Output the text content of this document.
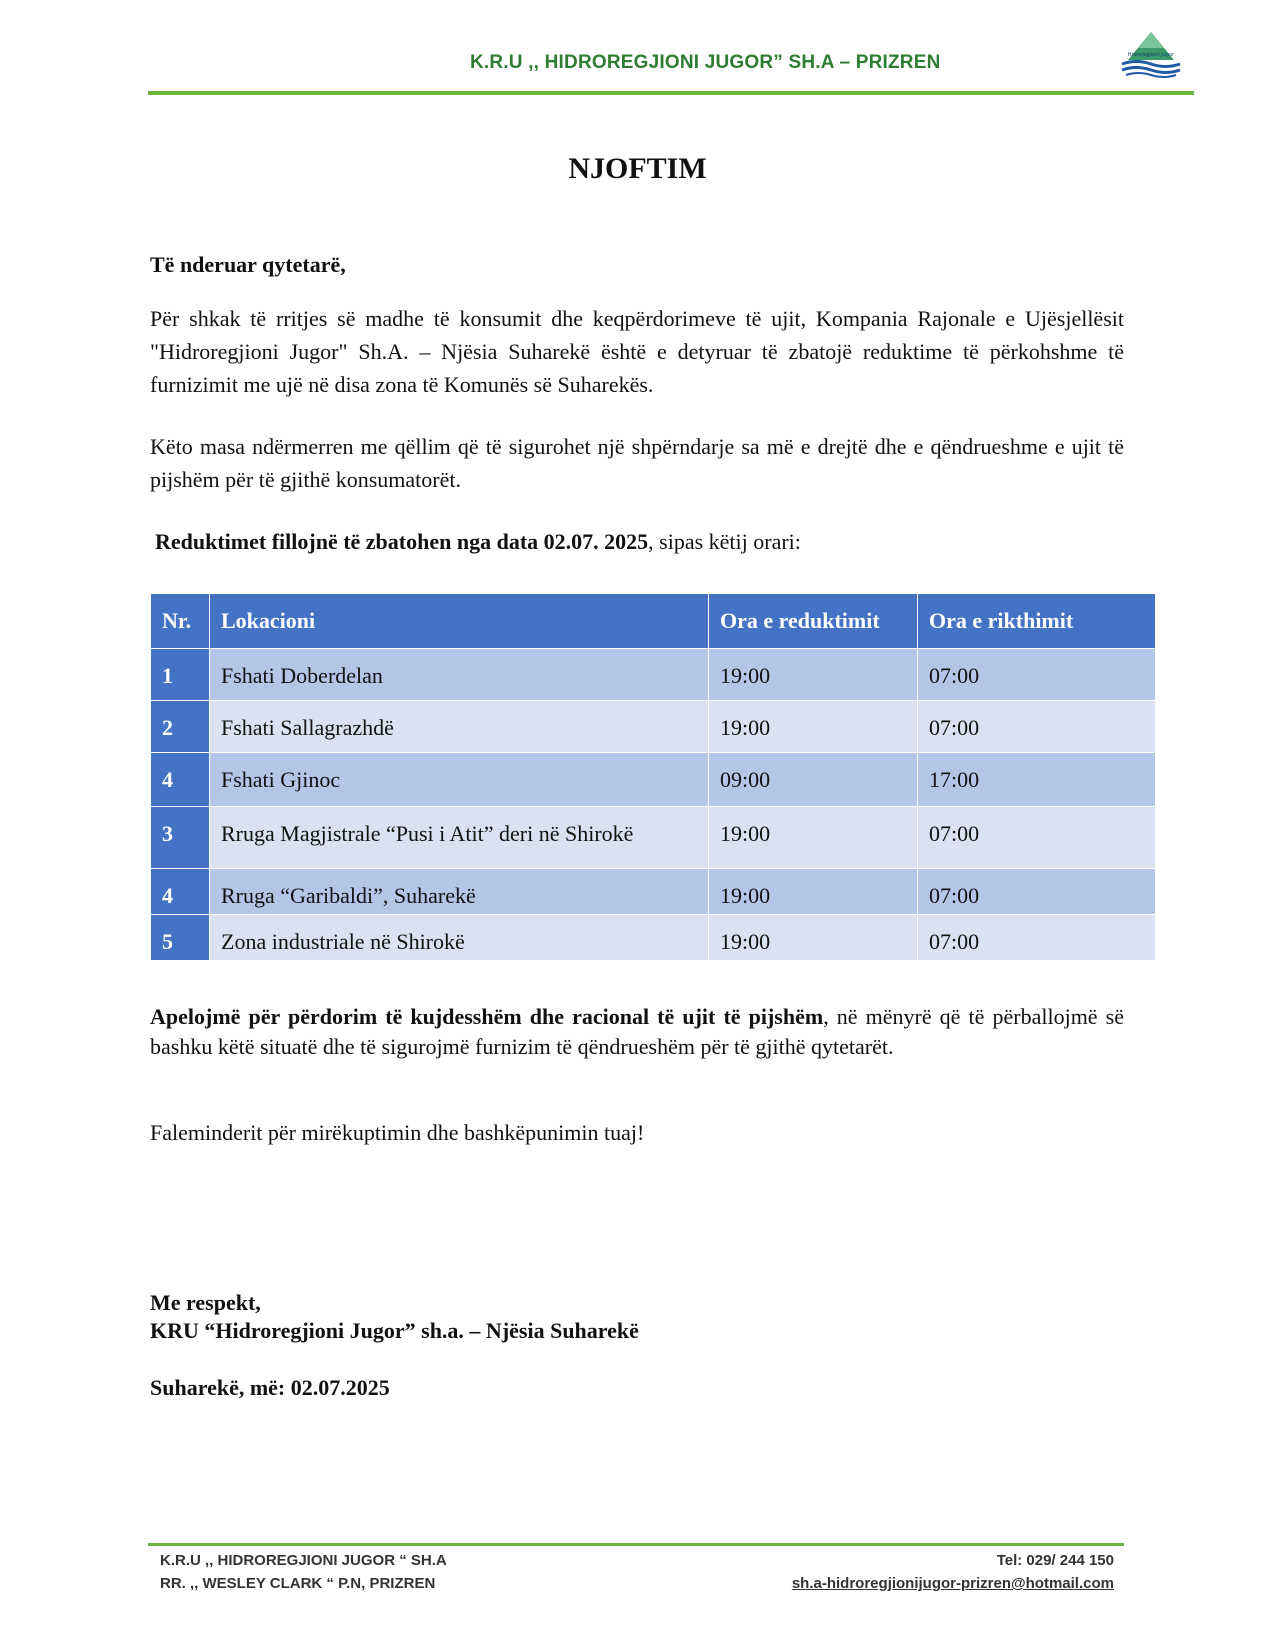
K.R.U ,, HIDROREGJIONI JUGOR” SH.A – PRIZREN	Hidroregjioni Jugor
NJOFTIM

Të nderuar qytetarë,

Për shkak të rritjes së madhe të konsumit dhe keqpërdorimeve të ujit, Kompania Rajonale e Ujësjellësit "Hidroregjioni Jugor" Sh.A. – Njësia Suharekë është e detyruar të zbatojë reduktime të përkohshme të furnizimit me ujë në disa zona të Komunës së Suharekës.

Këto masa ndërmerren me qëllim që të sigurohet një shpërndarje sa më e drejtë dhe e qëndrueshme e ujit të pijshëm për të gjithë konsumatorët.

Reduktimet fillojnë të zbatohen nga data 02.07. 2025, sipas këtij orari:

Nr.	Lokacioni	Ora e reduktimit	Ora e rikthimit
1	Fshati Doberdelan	19:00	07:00
2	Fshati Sallagrazhdë	19:00	07:00
4	Fshati Gjinoc	09:00	17:00
3	Rruga Magjistrale “Pusi i Atit” deri në Shirokë	19:00	07:00
4	Rruga “Garibaldi”, Suharekë	19:00	07:00
5	Zona industriale në Shirokë	19:00	07:00

Apelojmë për përdorim të kujdesshëm dhe racional të ujit të pijshëm, në mënyrë që të përballojmë së bashku këtë situatë dhe të sigurojmë furnizim të qëndrueshëm për të gjithë qytetarët.

Faleminderit për mirëkuptimin dhe bashkëpunimin tuaj!

Me respekt,
KRU “Hidroregjioni Jugor” sh.a. – Njësia Suharekë
Suharekë, më: 02.07.2025
K.R.U ,, HIDROREGJIONI JUGOR “ SH.A
RR. ,, WESLEY CLARK “ P.N, PRIZREN
Tel: 029/ 244 150
sh.a-hidroregjionijugor-prizren@hotmail.com
